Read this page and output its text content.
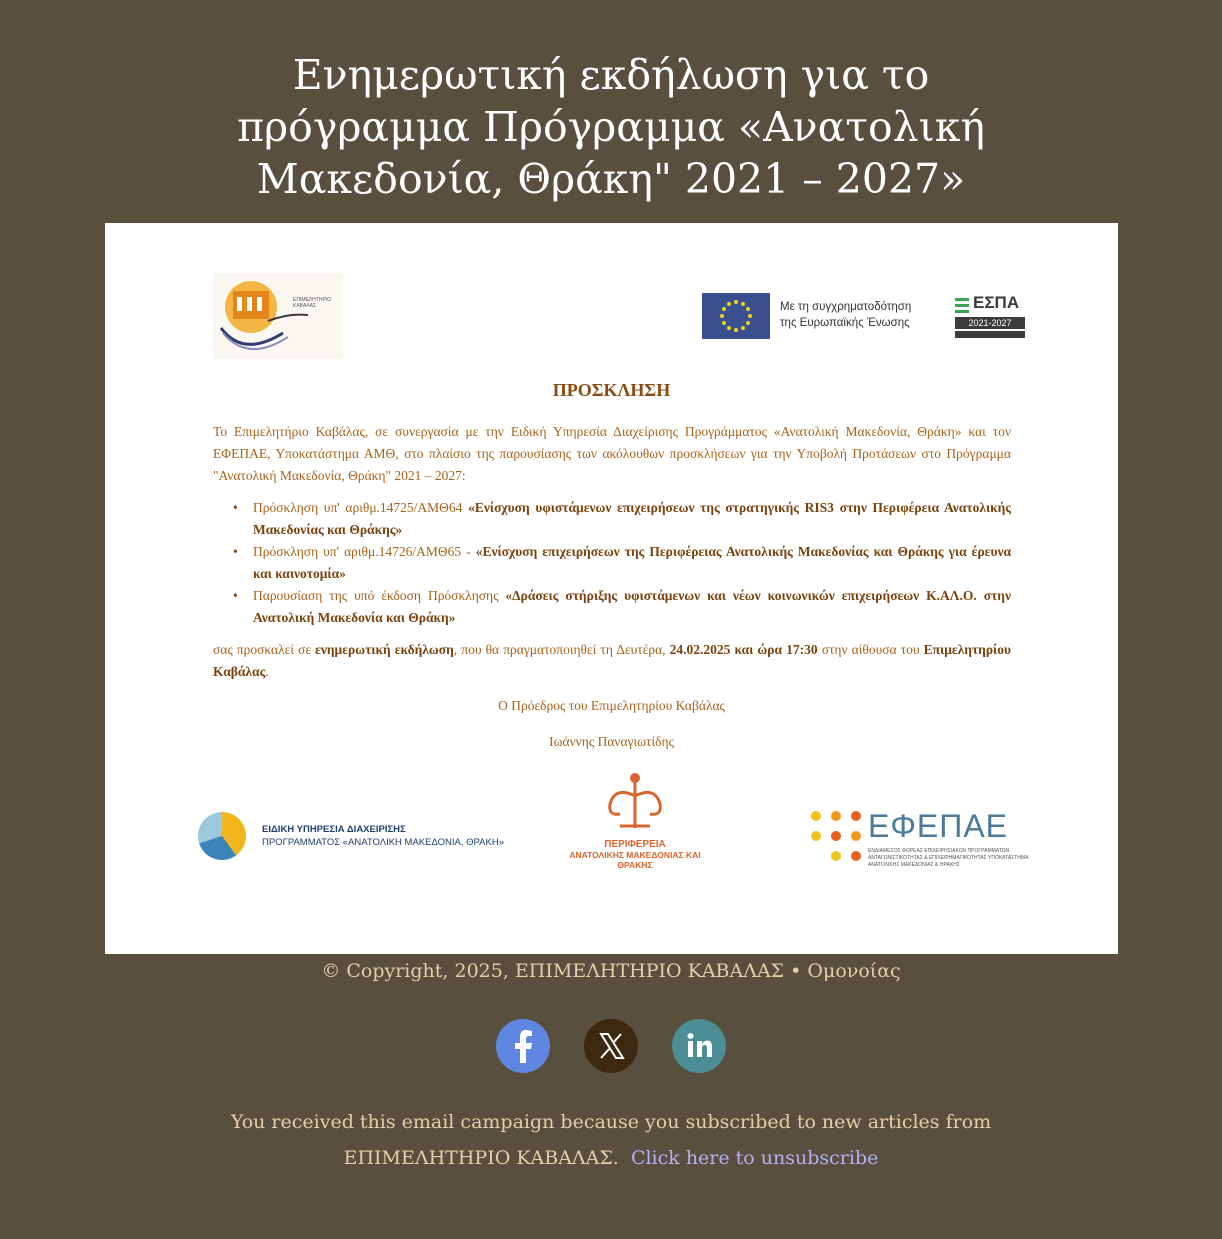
Ενημερωτική εκδήλωση για το
πρόγραμμα Πρόγραμμα «Ανατολική
Μακεδονία, Θράκη" 2021 – 2027»
ΕΠΙΜΕΛΗΤΗΡΙΟ
ΚΑΒΑΛΑΣ	Με τη συγχρηματοδότηση
της Ευρωπαϊκής Ένωσης
ΕΣΠΑ
2021-2027
ΠΡΟΣΚΛΗΣΗ
Το Επιμελητήριο Καβάλας, σε συνεργασία με την Ειδική Υπηρεσία Διαχείρισης Προγράμματος «Ανατολική Μακεδονία, Θράκη» και τον ΕΦΕΠΑΕ, Υποκατάστημα ΑΜΘ, στο πλαίσιο της παρουσίασης των ακόλουθων προσκλήσεων για την Υποβολή Προτάσεων στο Πρόγραμμα "Ανατολική Μακεδονία, Θράκη" 2021 – 2027:
• Πρόσκληση υπ' αριθμ.14725/ΑΜΘ64 «Ενίσχυση υφιστάμενων επιχειρήσεων της στρατηγικής RIS3 στην Περιφέρεια Ανατολικής Μακεδονίας και Θράκης»
• Πρόσκληση υπ' αριθμ.14726/ΑΜΘ65 - «Ενίσχυση επιχειρήσεων της Περιφέρειας Ανατολικής Μακεδονίας και Θράκης για έρευνα και καινοτομία»
• Παρουσίαση της υπό έκδοση Πρόσκλησης «Δράσεις στήριξης υφιστάμενων και νέων κοινωνικών επιχειρήσεων Κ.ΑΛ.Ο. στην Ανατολική Μακεδονία και Θράκη»
σας προσκαλεί σε ενημερωτική εκδήλωση, που θα πραγματοποιηθεί τη Δευτέρα, 24.02.2025 και ώρα 17:30 στην αίθουσα του Επιμελητηρίου Καβάλας.
Ο Πρόεδρος του Επιμελητηρίου Καβάλας
Ιωάννης Παναγιωτίδης
ΕΙΔΙΚΗ ΥΠΗΡΕΣΙΑ ΔΙΑΧΕΙΡΙΣΗΣ
ΠΡΟΓΡΑΜΜΑΤΟΣ «ΑΝΑΤΟΛΙΚΗ ΜΑΚΕΔΟΝΙΑ, ΘΡΑΚΗ»	ΠΕΡΙΦΕΡΕΙΑ
ΑΝΑΤΟΛΙΚΗΣ ΜΑΚΕΔΟΝΙΑΣ ΚΑΙ ΘΡΑΚΗΣ
ΕΦΕΠΑΕ
ΕΝΔΙΑΜΕΣΟΣ ΦΟΡΕΑΣ ΕΠΙΧΕΙΡΗΣΙΑΚΩΝ ΠΡΟΓΡΑΜΜΑΤΩΝ ΑΝΤΑΓΩΝΙΣΤΙΚΟΤΗΤΑΣ & ΕΠΙΧΕΙΡΗΜΑΤΙΚΟΤΗΤΑΣ ΥΠΟΚΑΤΑΣΤΗΜΑ ΑΝΑΤΟΛΙΚΗΣ ΜΑΚΕΔΟΝΙΑΣ & ΘΡΑΚΗΣ
© Copyright, 2025, ΕΠΙΜΕΛΗΤΗΡΙΟ ΚΑΒΑΛΑΣ • Ομονοίας
You received this email campaign because you subscribed to new articles from
ΕΠΙΜΕΛΗΤΗΡΙΟ ΚΑΒΑΛΑΣ. Click here to unsubscribe
